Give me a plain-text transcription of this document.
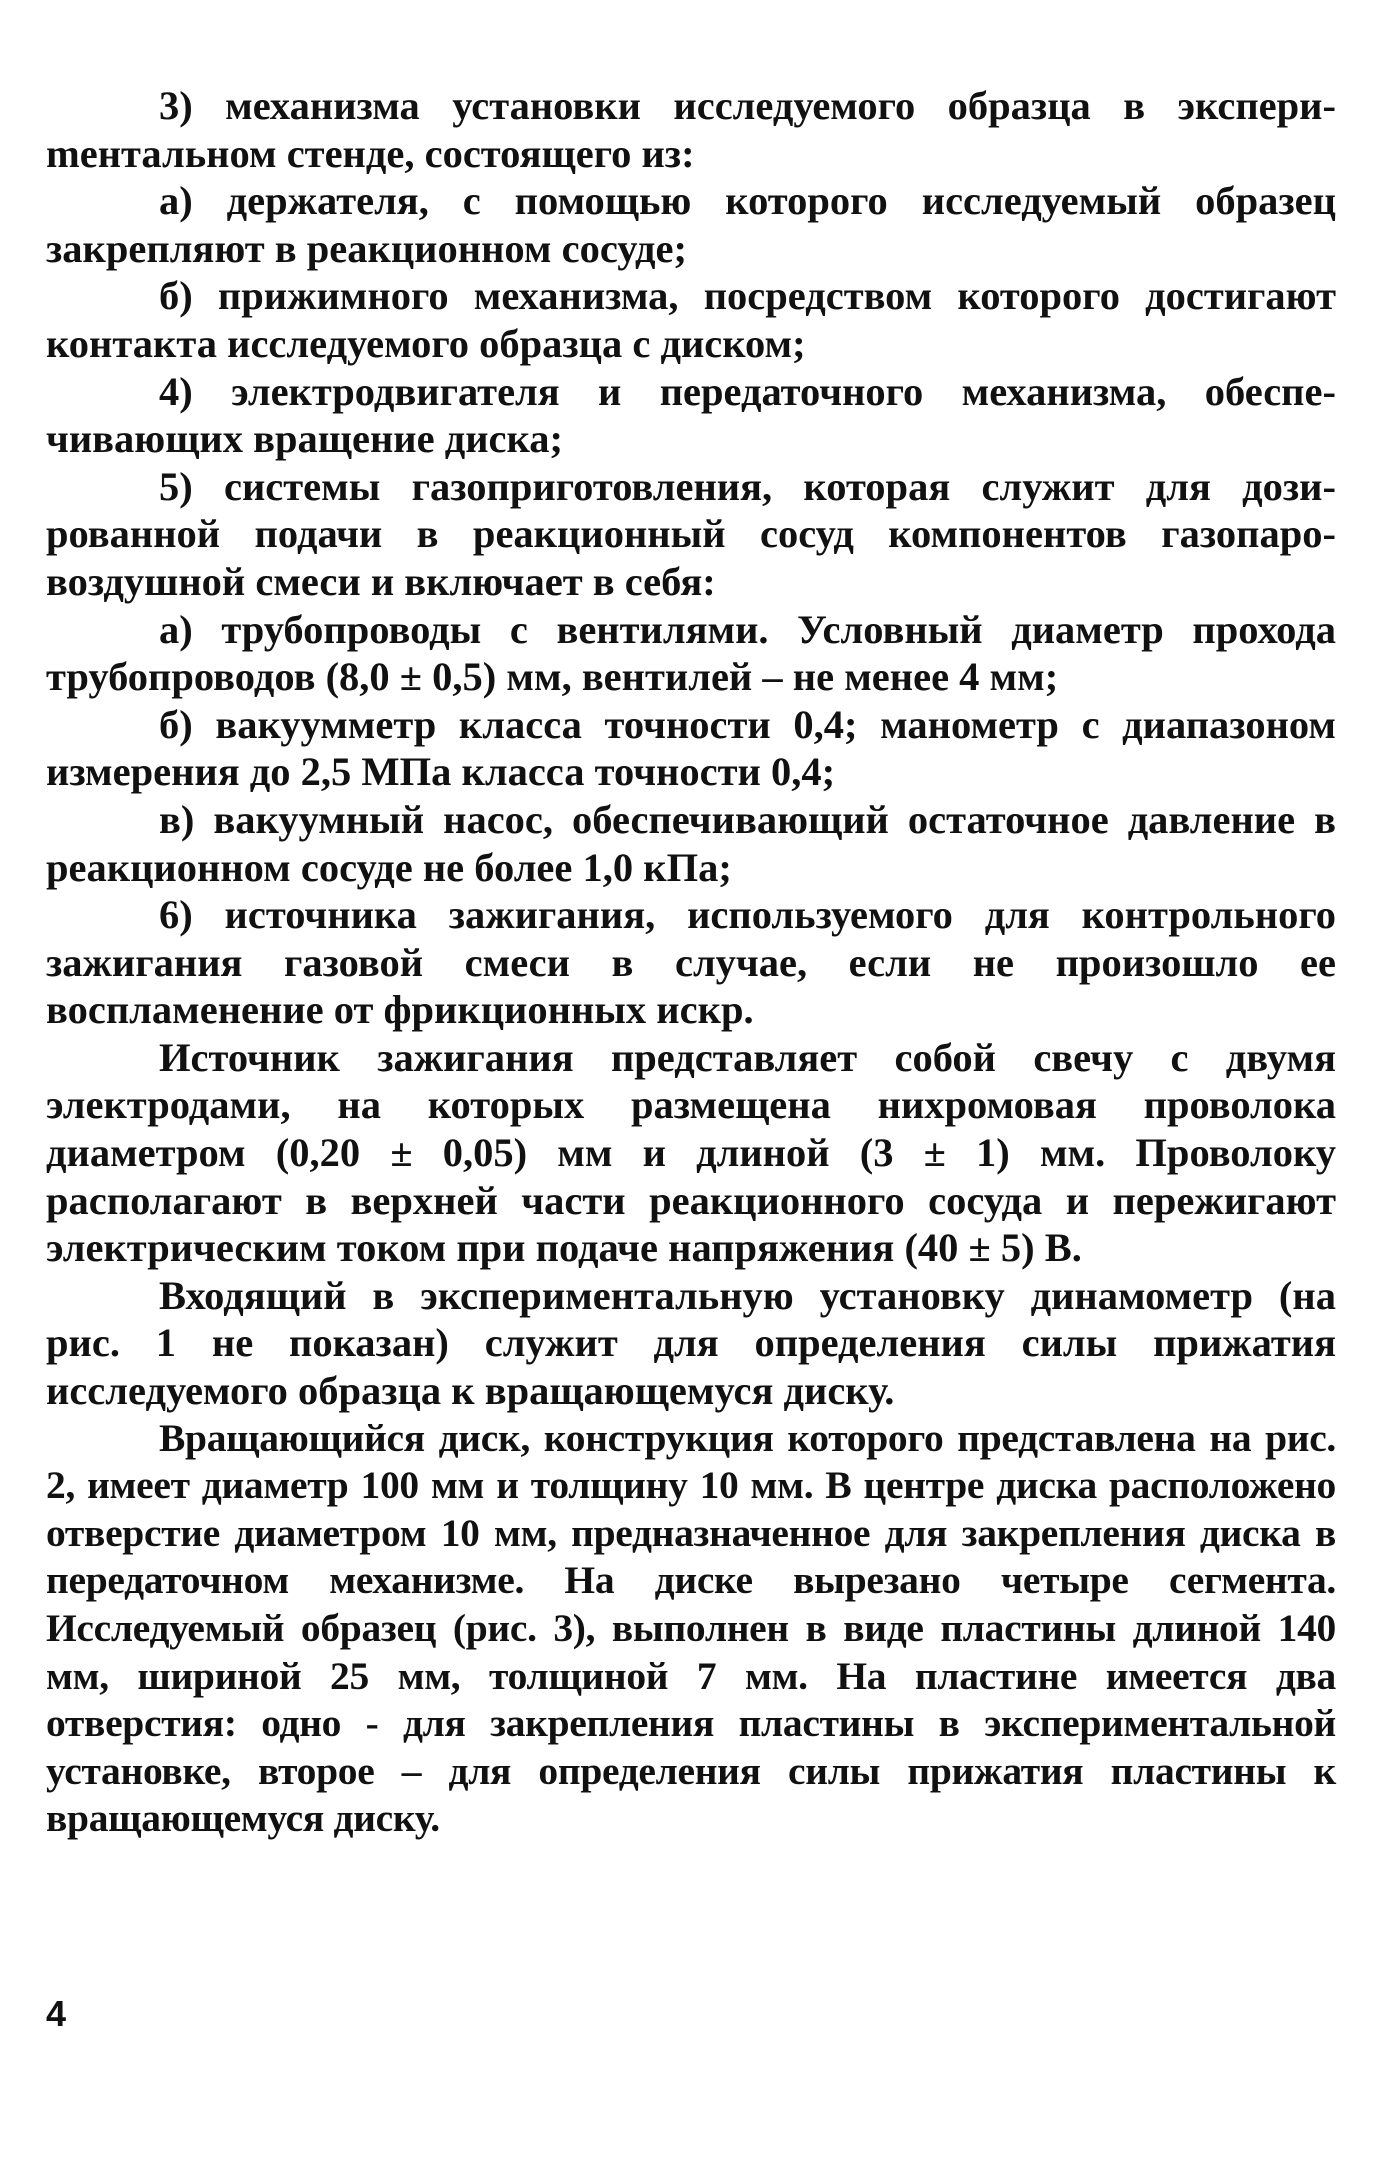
3) механизма установки исследуемого образца в экспериmентальном стенде, состоящего из:

а) держателя, с помощью которого исследуемый образец закрепляют в реакционном сосуде;

б) прижимного механизма, посредством которого достигают контакта исследуемого образца с диском;

4) электродвигателя и передаточного механизма, обеспечивающих вращение диска;

5) системы газоприготовления, которая служит для дозированной подачи в реакционный сосуд компонентов газопаровоздушной смеси и включает в себя:

а) трубопроводы с вентилями. Условный диаметр прохода трубопроводов (8,0 ± 0,5) мм, вентилей – не менее 4 мм;

б) вакуумметр класса точности 0,4; манометр с диапазоном измерения до 2,5 МПа класса точности 0,4;

в) вакуумный насос, обеспечивающий остаточное давление в реакционном сосуде не более 1,0 кПа;

6) источника зажигания, используемого для контрольного зажигания газовой смеси в случае, если не произошло ее воспламенение от фрикционных искр.

Источник зажигания представляет собой свечу с двумя электродами, на которых размещена нихромовая проволока диаметром (0,20 ± 0,05) мм и длиной (3 ± 1) мм. Проволоку располагают в верхней части реакционного сосуда и пережигают электрическим током при подаче напряжения (40 ± 5) В.

Входящий в экспериментальную установку динамометр (на рис. 1 не показан) служит для определения силы прижатия исследуемого образца к вращающемуся диску.

Вращающийся диск, конструкция которого представлена на рис. 2, имеет диаметр 100 мм и толщину 10 мм. В центре диска расположено отверстие диаметром 10 мм, предназначенное для закрепления диска в передаточном механизме. На диске вырезано четыре сегмента. Исследуемый образец (рис. 3), выполнен в виде пластины длиной 140 мм, шириной 25 мм, толщиной 7 мм. На пластине имеется два отверстия: одно - для закрепления пластины в экспериментальной установке, второе – для определения силы прижатия пластины к вращающемуся диску.

4
